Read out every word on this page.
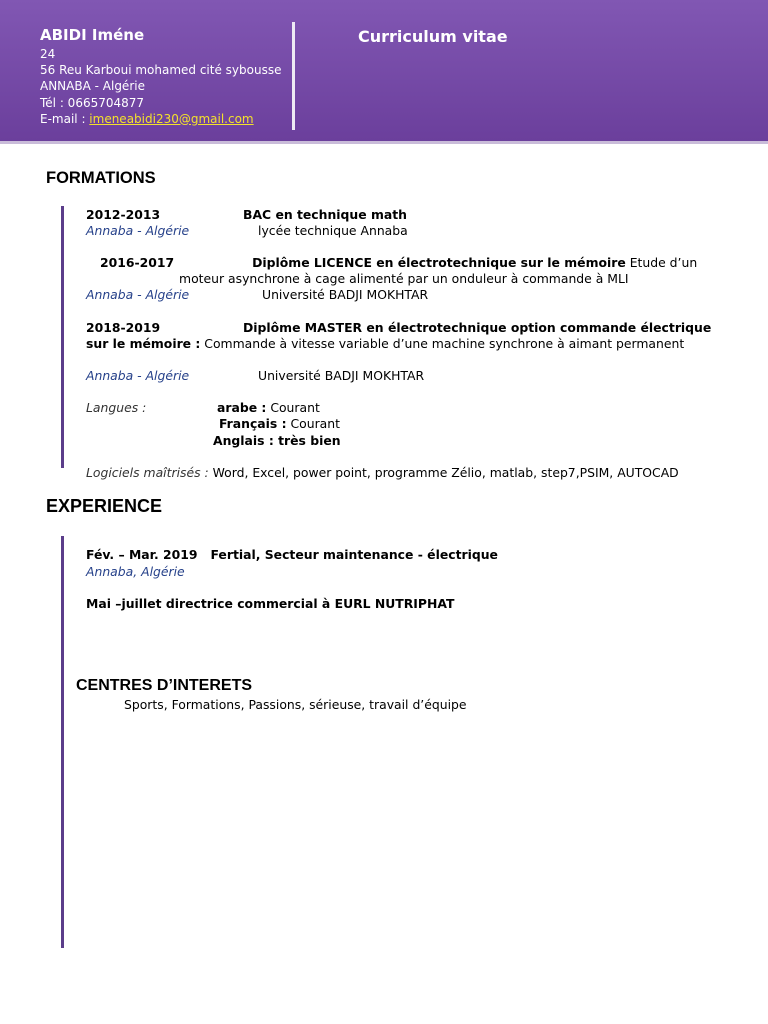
ABIDI Iméne
24
56 Reu Karboui mohamed cité sybousse
ANNABA - Algérie
Tél : 0665704877
E-mail : imeneabidi230@gmail.com
Curriculum vitae
FORMATIONS
2012-2013	BAC en technique math
Annaba - Algérie	lycée technique Annaba
2016-2017	Diplôme LICENCE en électrotechnique sur le mémoire Etude d’un
moteur asynchrone à cage alimenté par un onduleur à commande à MLI
Annaba - Algérie	Université BADJI MOKHTAR
2018-2019	Diplôme MASTER en électrotechnique option commande électrique
sur le mémoire : Commande à vitesse variable d’une machine synchrone à aimant permanent
Annaba - Algérie	Université BADJI MOKHTAR
Langues :	arabe : Courant
Français : Courant
Anglais : très bien
Logiciels maîtrisés : Word, Excel, power point, programme Zélio, matlab, step7,PSIM, AUTOCAD
EXPERIENCE
Fév. – Mar. 2019 Fertial, Secteur maintenance - électrique
Annaba, Algérie
Mai –juillet directrice commercial à EURL NUTRIPHAT
CENTRES D’INTERETS
Sports, Formations, Passions, sérieuse, travail d’équipe
